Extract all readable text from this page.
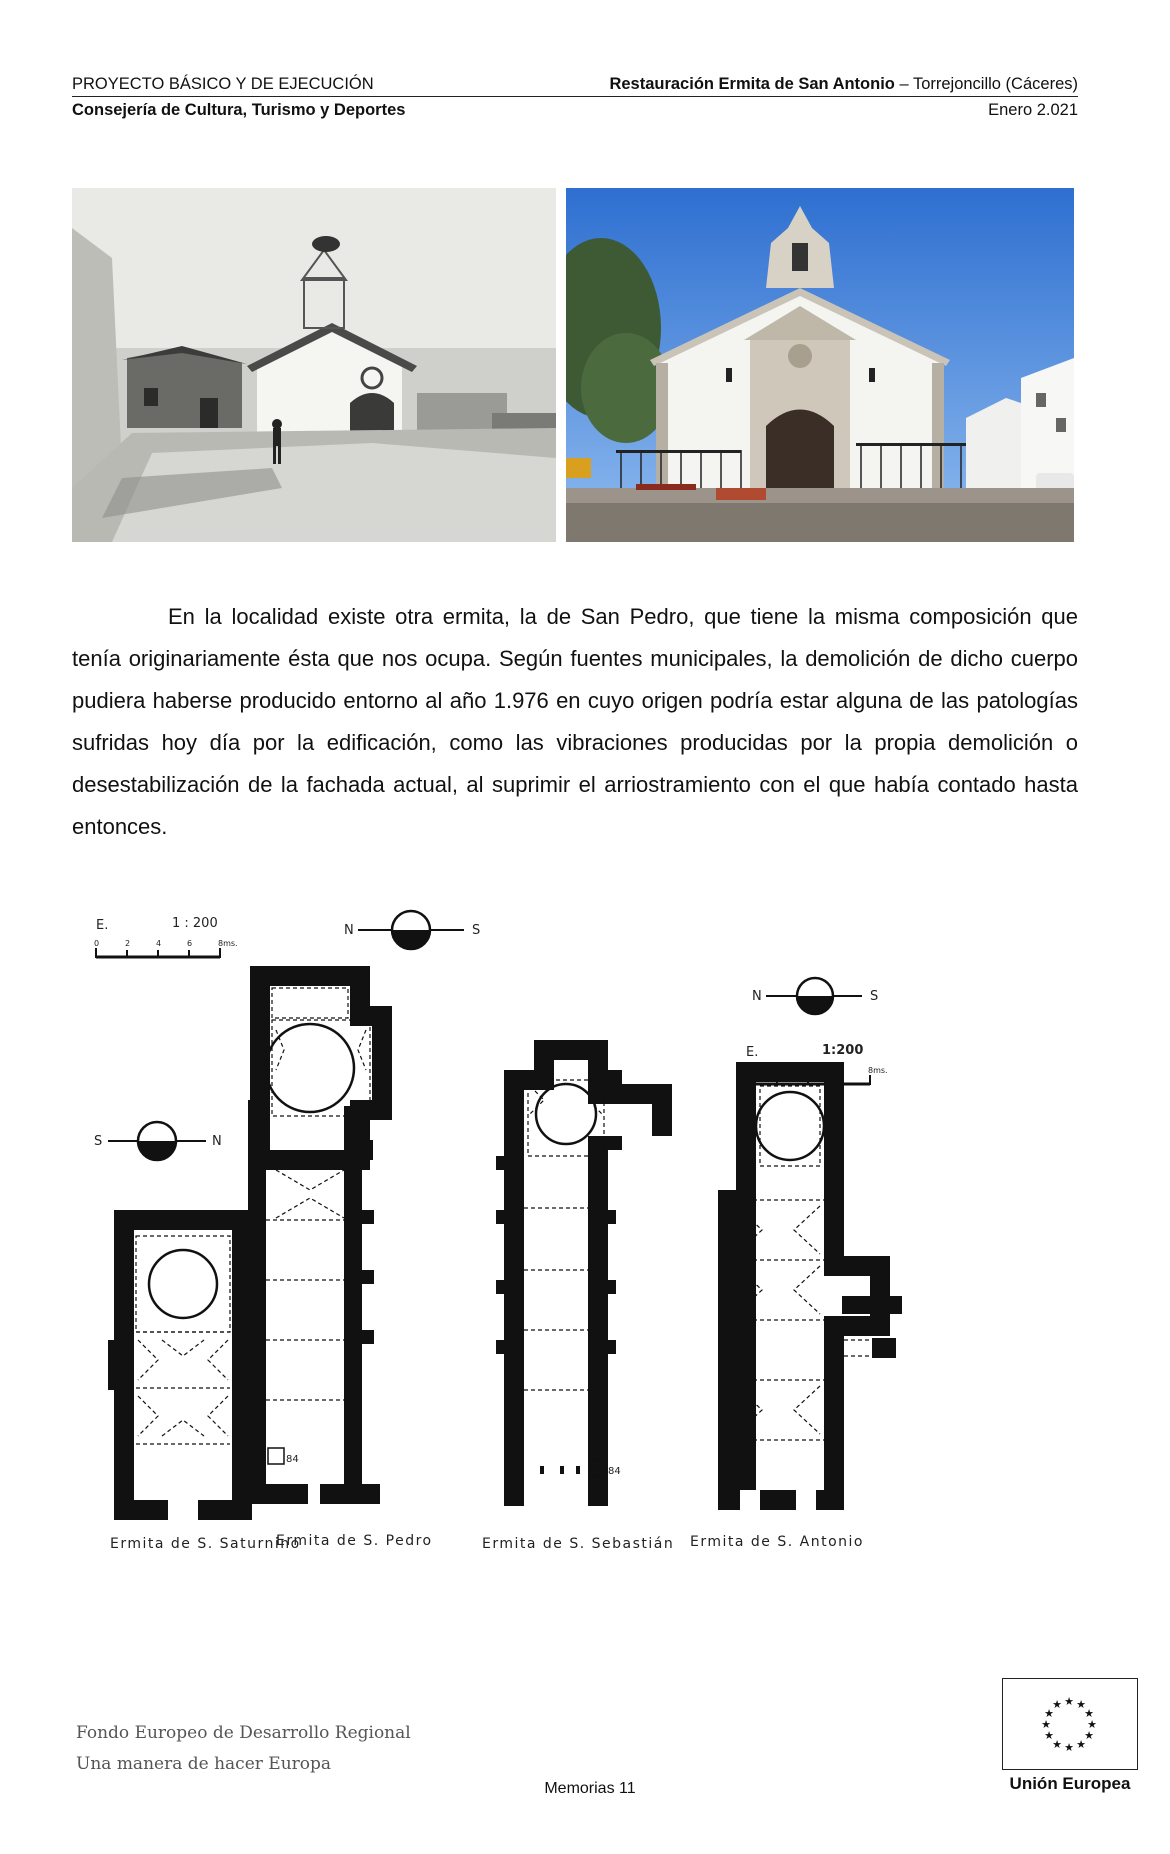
PROYECTO BÁSICO Y DE EJECUCIÓN	Restauración Ermita de San Antonio – Torrejoncillo (Cáceres)
Consejería de Cultura, Turismo y Deportes	Enero 2.021

En la localidad existe otra ermita, la de San Pedro, que tiene la misma composición que tenía originariamente ésta que nos ocupa. Según fuentes municipales, la demolición de dicho cuerpo pudiera haberse producido entorno al año 1.976 en cuyo origen podría estar alguna de las patologías sufridas hoy día por la edificación, como las vibraciones producidas por la propia demolición o desestabilización de la fachada actual, al suprimir el arriostramiento con el que había contado hasta entonces.

E.	1 : 200
0	2	4	6	8ms.
N	S
N	S
E.	1:200
8ms.
S	N
Ermita de S. Saturnino
84
Ermita de S. Pedro
84
Ermita de S. Sebastián Ermita de S. Antonio
Fondo Europeo de Desarrollo Regional
Una manera de hacer Europa
Memorias 11
★ ★
★
★
★
★
★
★
★
★
★
★
Unión Europea
